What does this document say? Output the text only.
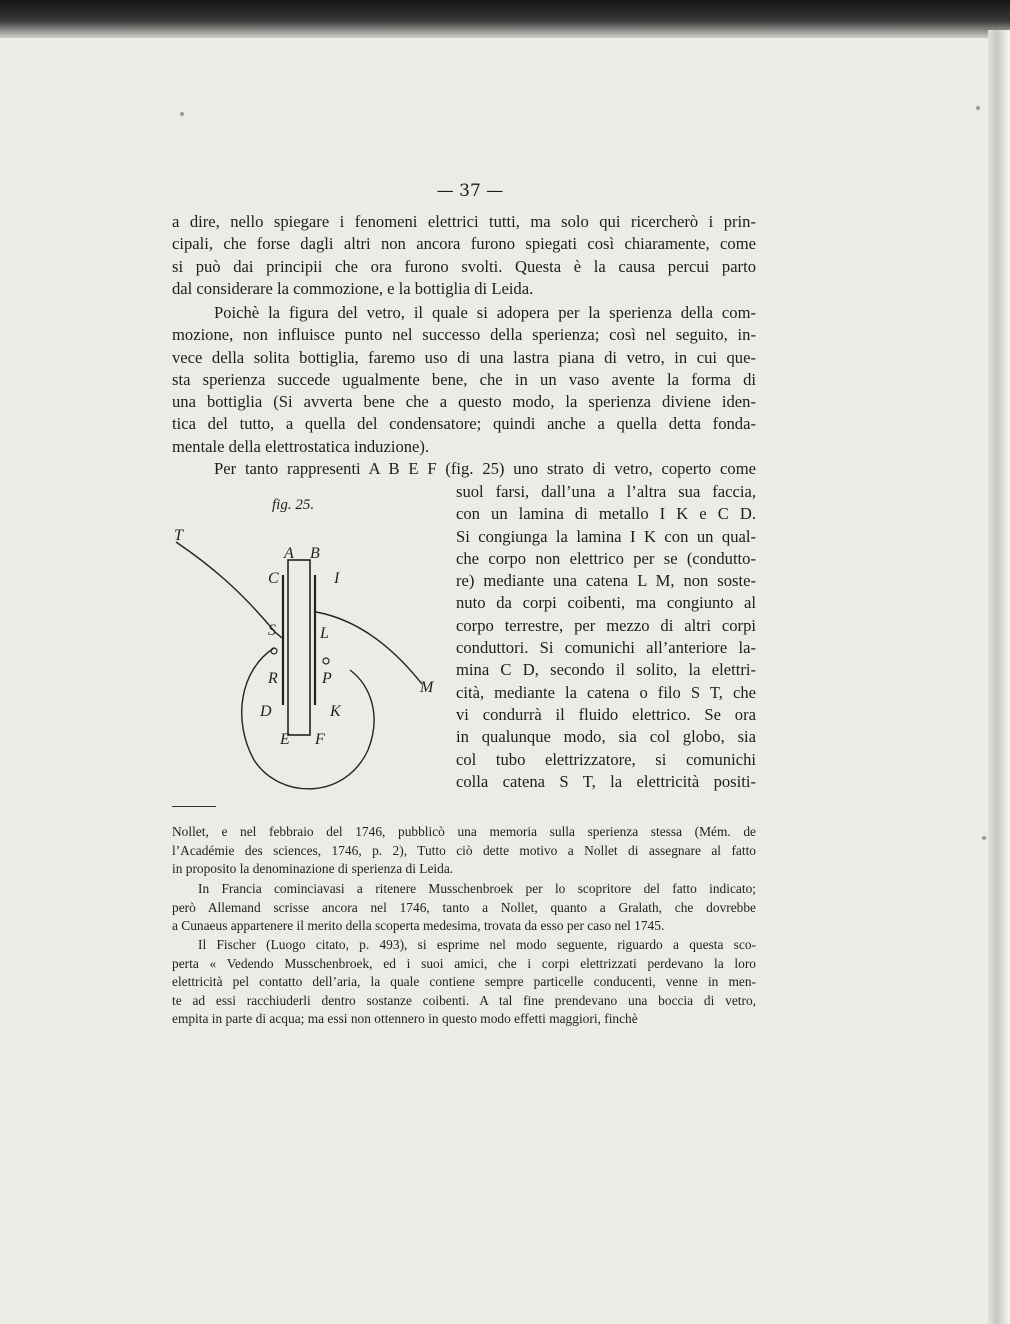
— 37 —

a dire, nello spiegare i fenomeni elettrici tutti, ma solo qui ricercherò i prin-

cipali, che forse dagli altri non ancora furono spiegati così chiaramente, come

si può dai principii che ora furono svolti. Questa è la causa percui parto

dal considerare la commozione, e la bottiglia di Leida.

Poichè la figura del vetro, il quale si adopera per la sperienza della com-

mozione, non influisce punto nel successo della sperienza; così nel seguito, in-

vece della solita bottiglia, faremo uso di una lastra piana di vetro, in cui que-

sta sperienza succede ugualmente bene, che in un vaso avente la forma di

una bottiglia (Si avverta bene che a questo modo, la sperienza diviene iden-

tica del tutto, a quella del condensatore; quindi anche a quella detta fonda-

mentale della elettrostatica induzione).

Per tanto rappresenti A B E F (fig. 25) uno strato di vetro, coperto come

suol farsi, dall’una a l’altra sua faccia,

con un lamina di metallo I K e C D.

Si congiunga la lamina I K con un qual-

che corpo non elettrico per se (condutto-

re) mediante una catena L M, non soste-

nuto da corpi coibenti, ma congiunto al

corpo terrestre, per mezzo di altri corpi

conduttori. Si comunichi all’anteriore la-

mina C D, secondo il solito, la elettri-

cità, mediante la catena o filo S T, che

vi condurrà il fluido elettrico. Se ora

in qualunque modo, sia col globo, sia

col tubo elettrizzatore, si comunichi

colla catena S T, la elettricità positi-

fig. 25.
T
A B
C	I
S	L
R	P
M
D	K
E F

Nollet, e nel febbraio del 1746, pubblicò una memoria sulla sperienza stessa (Mém. de

l’Académie des sciences, 1746, p. 2), Tutto ciò dette motivo a Nollet di assegnare al fatto

in proposito la denominazione di sperienza di Leida.

In Francia cominciavasi a ritenere Musschenbroek per lo scopritore del fatto indicato;

però Allemand scrisse ancora nel 1746, tanto a Nollet, quanto a Gralath, che dovrebbe

a Cunaeus appartenere il merito della scoperta medesima, trovata da esso per caso nel 1745.

Il Fischer (Luogo citato, p. 493), si esprime nel modo seguente, riguardo a questa sco-

perta « Vedendo Musschenbroek, ed i suoi amici, che i corpi elettrizzati perdevano la loro

elettricità pel contatto dell’aria, la quale contiene sempre particelle conducenti, venne in men-

te ad essi racchiuderli dentro sostanze coibenti. A tal fine prendevano una boccia di vetro,

empita in parte di acqua; ma essi non ottennero in questo modo effetti maggiori, finchè
